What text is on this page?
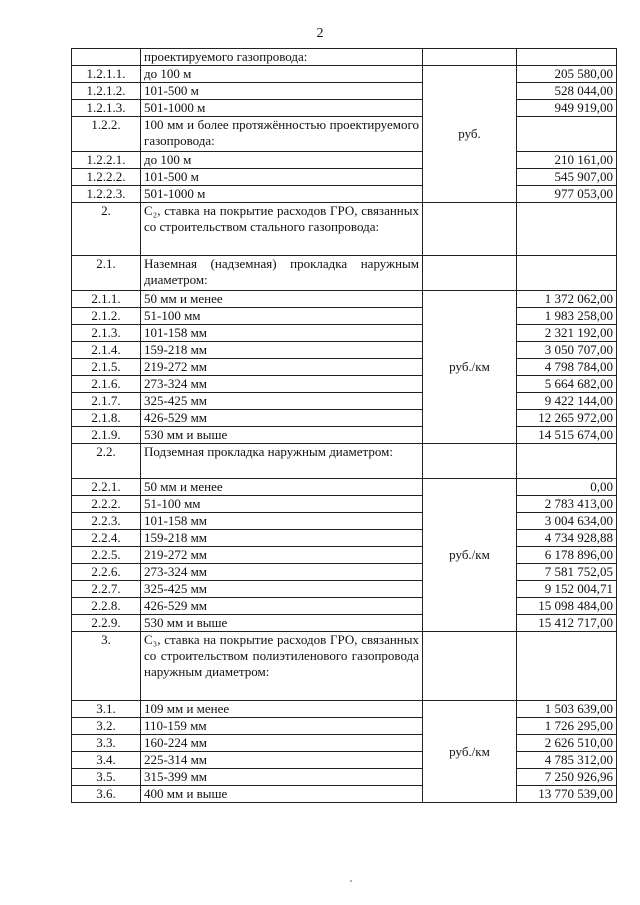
2
	проектируемого газопровода:		
1.2.1.1.	до 100 м	руб.	205 580,00
1.2.1.2.	101-500 м		528 044,00
1.2.1.3.	501-1000 м		949 919,00
1.2.2.	100 мм и более протяжённостью проектируемого газопровода:		
1.2.2.1.	до 100 м		210 161,00
1.2.2.2.	101-500 м		545 907,00
1.2.2.3.	501-1000 м		977 053,00
2.	С₂, ставка на покрытие расходов ГРО, связанных со строительством стального газопровода:		
2.1.	Наземная (надземная) прокладка наружным диаметром:		
2.1.1.	50 мм и менее	руб./км	1 372 062,00
2.1.2.	51-100 мм		1 983 258,00
2.1.3.	101-158 мм		2 321 192,00
2.1.4.	159-218 мм		3 050 707,00
2.1.5.	219-272 мм		4 798 784,00
2.1.6.	273-324 мм		5 664 682,00
2.1.7.	325-425 мм		9 422 144,00
2.1.8.	426-529 мм		12 265 972,00
2.1.9.	530 мм и выше		14 515 674,00
2.2.	Подземная прокладка наружным диаметром:		
2.2.1.	50 мм и менее	руб./км	0,00
2.2.2.	51-100 мм		2 783 413,00
2.2.3.	101-158 мм		3 004 634,00
2.2.4.	159-218 мм		4 734 928,88
2.2.5.	219-272 мм		6 178 896,00
2.2.6.	273-324 мм		7 581 752,05
2.2.7.	325-425 мм		9 152 004,71
2.2.8.	426-529 мм		15 098 484,00
2.2.9.	530 мм и выше		15 412 717,00
3.	С₃, ставка на покрытие расходов ГРО, связанных со строительством полиэтиленового газопровода наружным диаметром:		
3.1.	109 мм и менее	руб./км	1 503 639,00
3.2.	110-159 мм		1 726 295,00
3.3.	160-224 мм		2 626 510,00
3.4.	225-314 мм		4 785 312,00
3.5.	315-399 мм		7 250 926,96
3.6.	400 мм и выше		13 770 539,00
